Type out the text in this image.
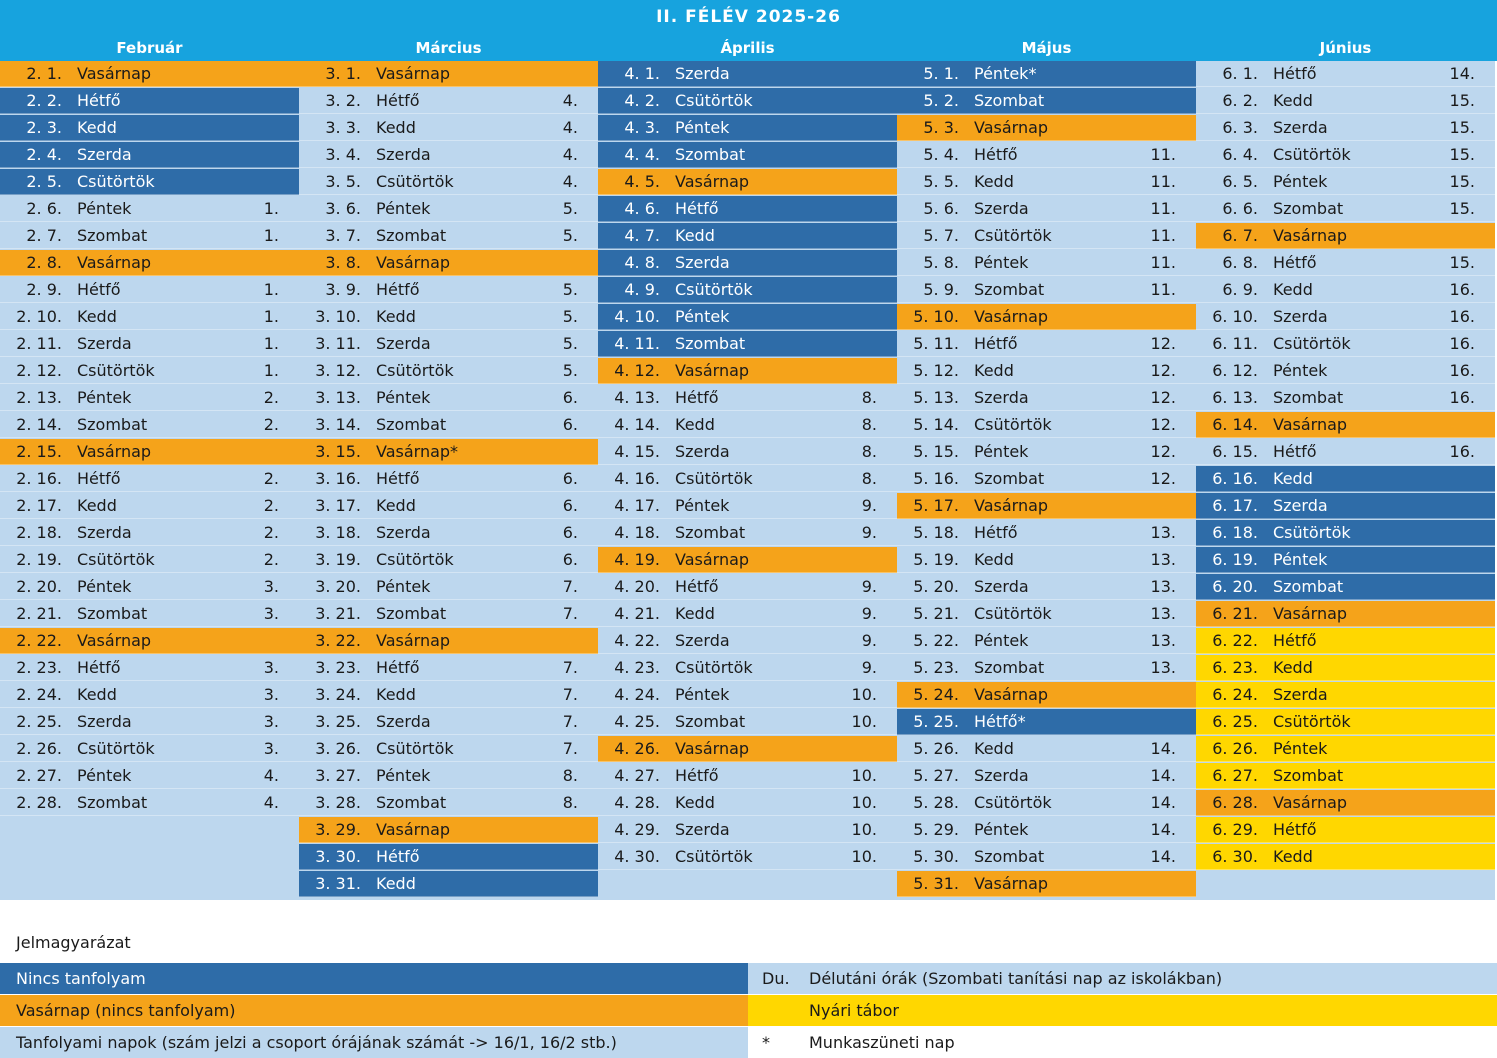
II. FÉLÉV 2025-26
Február	Március	Április	Május	Június
2. 1. Vasárnap
2. 2. Hétfő
2. 3. Kedd
2. 4. Szerda
2. 5. Csütörtök
2. 6. Péntek	1.
2. 7. Szombat	1.
2. 8. Vasárnap
2. 9. Hétfő	1.
2. 10. Kedd	1.
2. 11. Szerda	1.
2. 12. Csütörtök	1.
2. 13. Péntek	2.
2. 14. Szombat	2.
2. 15. Vasárnap
2. 16. Hétfő	2.
2. 17. Kedd	2.
2. 18. Szerda	2.
2. 19. Csütörtök	2.
2. 20. Péntek	3.
2. 21. Szombat	3.
2. 22. Vasárnap
2. 23. Hétfő	3.
2. 24. Kedd	3.
2. 25. Szerda	3.
2. 26. Csütörtök	3.
2. 27. Péntek	4.
2. 28. Szombat	4.
3. 1. Vasárnap
3. 2. Hétfő	4.
3. 3. Kedd	4.
3. 4. Szerda	4.
3. 5. Csütörtök	4.
3. 6. Péntek	5.
3. 7. Szombat	5.
3. 8. Vasárnap
3. 9. Hétfő	5.
3. 10. Kedd	5.
3. 11. Szerda	5.
3. 12. Csütörtök	5.
3. 13. Péntek	6.
3. 14. Szombat	6.
3. 15. Vasárnap*
3. 16. Hétfő	6.
3. 17. Kedd	6.
3. 18. Szerda	6.
3. 19. Csütörtök	6.
3. 20. Péntek	7.
3. 21. Szombat	7.
3. 22. Vasárnap
3. 23. Hétfő	7.
3. 24. Kedd	7.
3. 25. Szerda	7.
3. 26. Csütörtök	7.
3. 27. Péntek	8.
3. 28. Szombat	8.
3. 29. Vasárnap
3. 30. Hétfő
3. 31. Kedd
4. 1. Szerda
4. 2. Csütörtök
4. 3. Péntek
4. 4. Szombat
4. 5. Vasárnap
4. 6. Hétfő
4. 7. Kedd
4. 8. Szerda
4. 9. Csütörtök
4. 10. Péntek
4. 11. Szombat
4. 12. Vasárnap
4. 13. Hétfő	8.
4. 14. Kedd	8.
4. 15. Szerda	8.
4. 16. Csütörtök	8.
4. 17. Péntek	9.
4. 18. Szombat	9.
4. 19. Vasárnap
4. 20. Hétfő	9.
4. 21. Kedd	9.
4. 22. Szerda	9.
4. 23. Csütörtök	9.
4. 24. Péntek	10.
4. 25. Szombat	10.
4. 26. Vasárnap
4. 27. Hétfő	10.
4. 28. Kedd	10.
4. 29. Szerda	10.
4. 30. Csütörtök	10.
5. 1. Péntek*
5. 2. Szombat
5. 3. Vasárnap
5. 4. Hétfő	11.
5. 5. Kedd	11.
5. 6. Szerda	11.
5. 7. Csütörtök	11.
5. 8. Péntek	11.
5. 9. Szombat	11.
5. 10. Vasárnap
5. 11. Hétfő	12.
5. 12. Kedd	12.
5. 13. Szerda	12.
5. 14. Csütörtök	12.
5. 15. Péntek	12.
5. 16. Szombat	12.
5. 17. Vasárnap
5. 18. Hétfő	13.
5. 19. Kedd	13.
5. 20. Szerda	13.
5. 21. Csütörtök	13.
5. 22. Péntek	13.
5. 23. Szombat	13.
5. 24. Vasárnap
5. 25. Hétfő*
5. 26. Kedd	14.
5. 27. Szerda	14.
5. 28. Csütörtök	14.
5. 29. Péntek	14.
5. 30. Szombat	14.
5. 31. Vasárnap
6. 1. Hétfő	14.
6. 2. Kedd	15.
6. 3. Szerda	15.
6. 4. Csütörtök	15.
6. 5. Péntek	15.
6. 6. Szombat	15.
6. 7. Vasárnap
6. 8. Hétfő	15.
6. 9. Kedd	16.
6. 10. Szerda	16.
6. 11. Csütörtök	16.
6. 12. Péntek	16.
6. 13. Szombat	16.
6. 14. Vasárnap
6. 15. Hétfő	16.
6. 16. Kedd
6. 17. Szerda
6. 18. Csütörtök
6. 19. Péntek
6. 20. Szombat
6. 21. Vasárnap
6. 22. Hétfő
6. 23. Kedd
6. 24. Szerda
6. 25. Csütörtök
6. 26. Péntek
6. 27. Szombat
6. 28. Vasárnap
6. 29. Hétfő
6. 30. Kedd
Jelmagyarázat
Nincs tanfolyam
Vasárnap (nincs tanfolyam)
Tanfolyami napok (szám jelzi a csoport órájának számát -> 16/1, 16/2 stb.)
Du. Délutáni órák (Szombati tanítási nap az iskolákban)
Nyári tábor
* Munkaszüneti nap
